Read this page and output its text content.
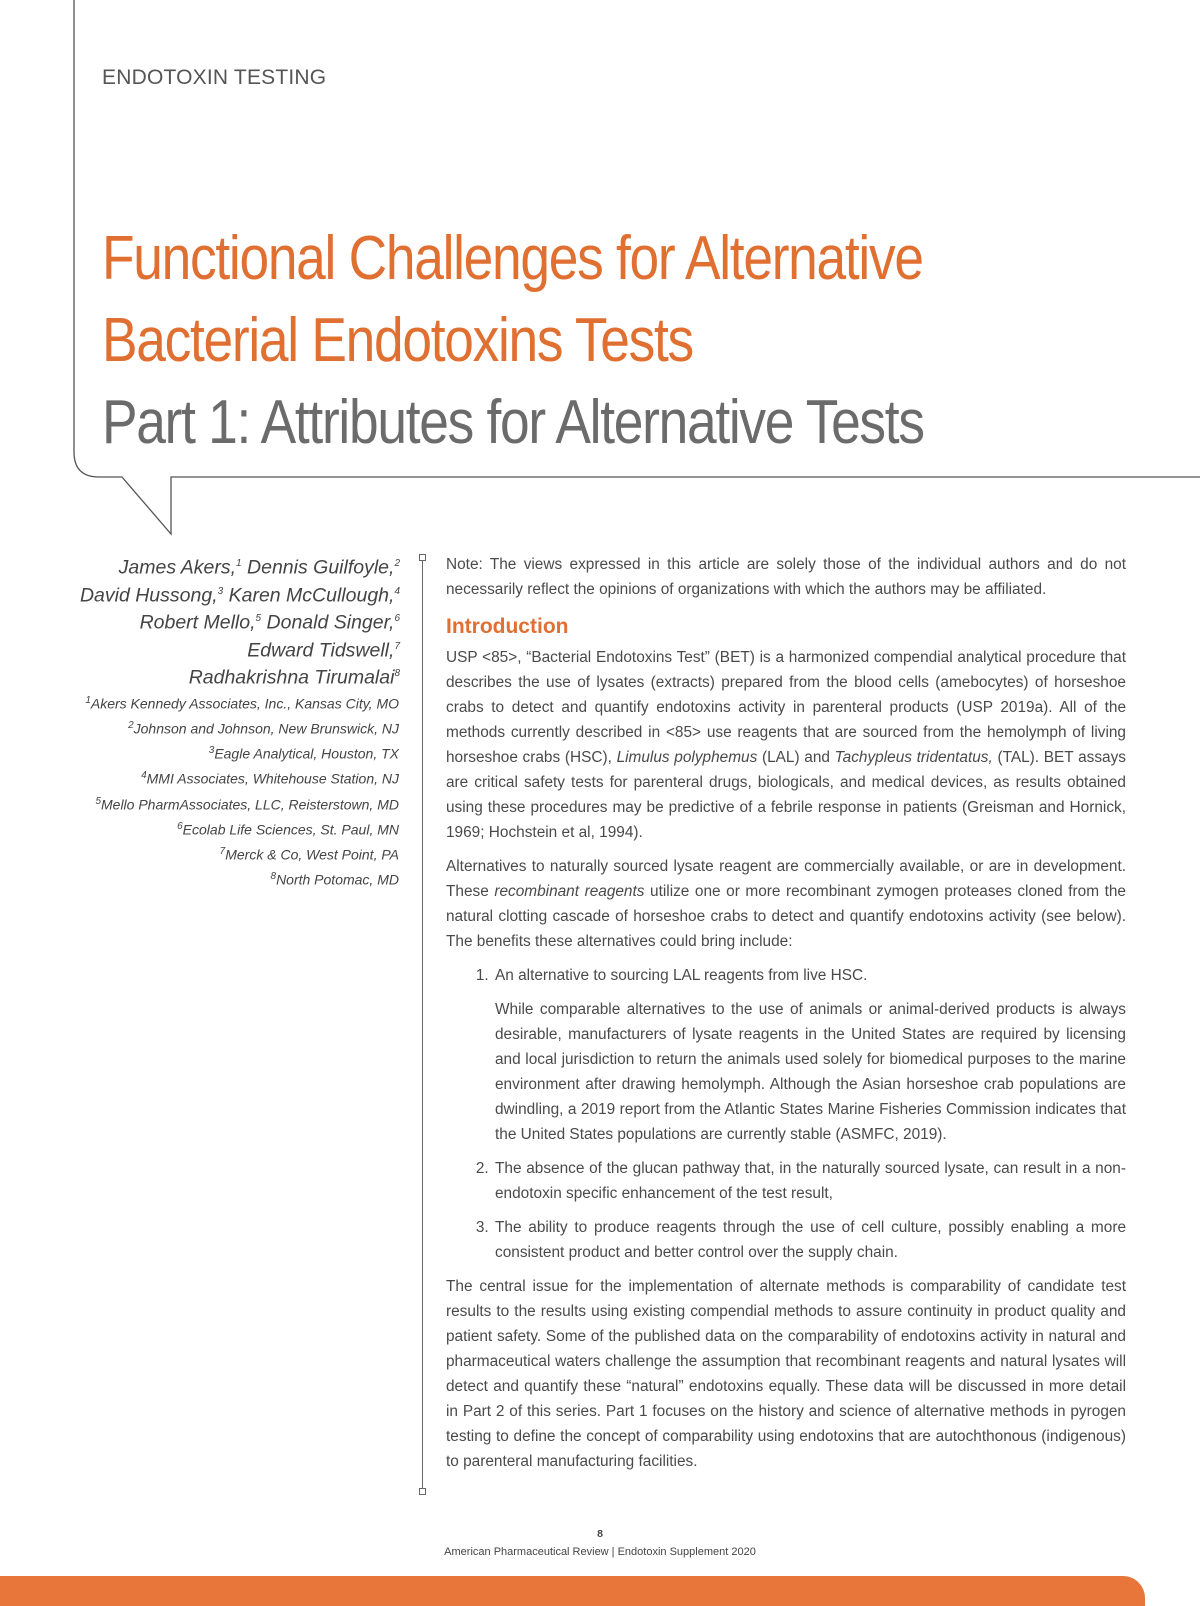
ENDOTOXIN TESTING
Functional Challenges for Alternative
Bacterial Endotoxins Tests
Part 1: Attributes for Alternative Tests
James Akers,$^1$ Dennis Guilfoyle,$^2$
David Hussong,$^3$ Karen McCullough,$^4$
Robert Mello,$^5$ Donald Singer,$^6$
Edward Tidswell,$^7$
Radhakrishna Tirumalai$^8$
$^1$Akers Kennedy Associates, Inc., Kansas City, MO
$^2$Johnson and Johnson, New Brunswick, NJ
$^3$Eagle Analytical, Houston, TX
$^4$MMI Associates, Whitehouse Station, NJ
$^5$Mello PharmAssociates, LLC, Reisterstown, MD
$^6$Ecolab Life Sciences, St. Paul, MN
$^7$Merck & Co, West Point, PA
$^8$North Potomac, MD

Note: The views expressed in this article are solely those of the individual authors and do not necessarily reflect the opinions of organizations with which the authors may be affiliated.

Introduction

USP <85>, “Bacterial Endotoxins Test” (BET) is a harmonized compendial analytical procedure that describes the use of lysates (extracts) prepared from the blood cells (amebocytes) of horseshoe crabs to detect and quantify endotoxins activity in parenteral products (USP 2019a). All of the methods currently described in <85> use reagents that are sourced from the hemolymph of living horseshoe crabs (HSC), Limulus polyphemus (LAL) and Tachypleus tridentatus, (TAL). BET assays are critical safety tests for parenteral drugs, biologicals, and medical devices, as results obtained using these procedures may be predictive of a febrile response in patients (Greisman and Hornick, 1969; Hochstein et al, 1994).

Alternatives to naturally sourced lysate reagent are commercially available, or are in development. These recombinant reagents utilize one or more recombinant zymogen proteases cloned from the natural clotting cascade of horseshoe crabs to detect and quantify endotoxins activity (see below). The benefits these alternatives could bring include:

1. An alternative to sourcing LAL reagents from live HSC.

While comparable alternatives to the use of animals or animal-derived products is always desirable, manufacturers of lysate reagents in the United States are required by licensing and local jurisdiction to return the animals used solely for biomedical purposes to the marine environment after drawing hemolymph. Although the Asian horseshoe crab populations are dwindling, a 2019 report from the Atlantic States Marine Fisheries Commission indicates that the United States populations are currently stable (ASMFC, 2019).

2. The absence of the glucan pathway that, in the naturally sourced lysate, can result in a non-endotoxin specific enhancement of the test result,
3. The ability to produce reagents through the use of cell culture, possibly enabling a more consistent product and better control over the supply chain.

The central issue for the implementation of alternate methods is comparability of candidate test results to the results using existing compendial methods to assure continuity in product quality and patient safety. Some of the published data on the comparability of endotoxins activity in natural and pharmaceutical waters challenge the assumption that recombinant reagents and natural lysates will detect and quantify these “natural” endotoxins equally. These data will be discussed in more detail in Part 2 of this series. Part 1 focuses on the history and science of alternative methods in pyrogen testing to define the concept of comparability using endotoxins that are autochthonous (indigenous) to parenteral manufacturing facilities.

8
American Pharmaceutical Review | Endotoxin Supplement 2020
